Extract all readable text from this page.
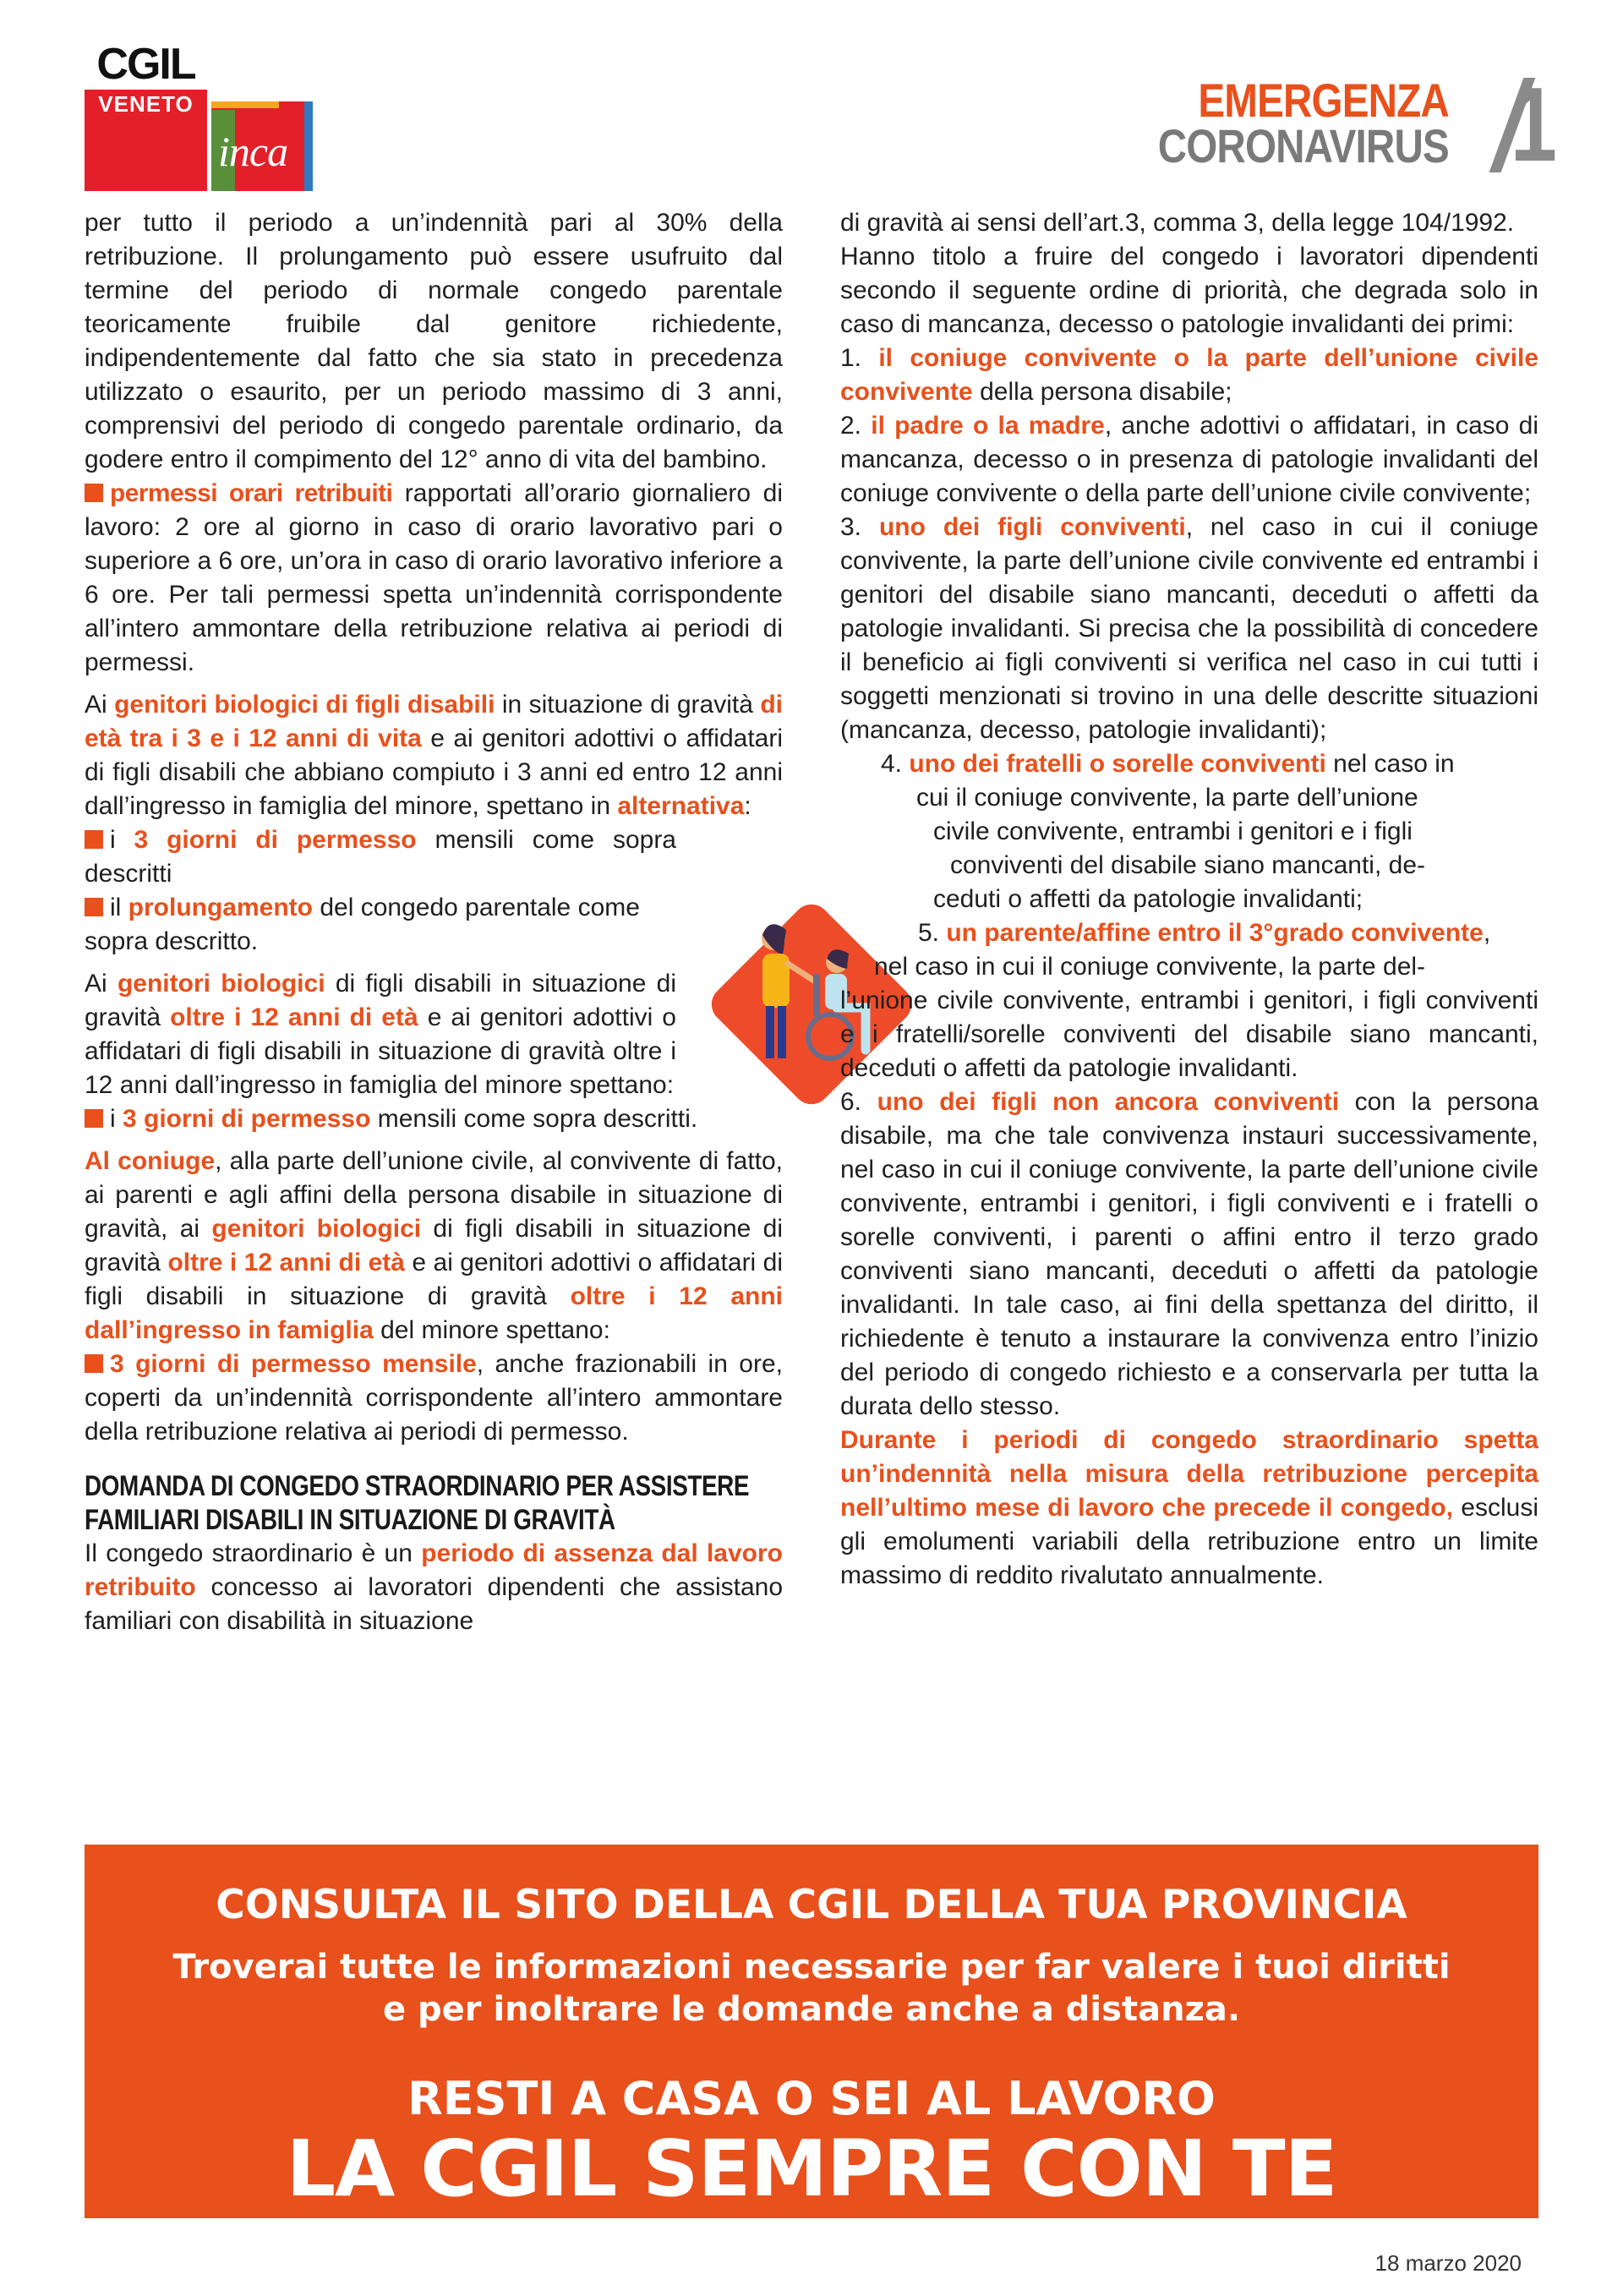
CGIL
VENETO
inca
EMERGENZA
CORONAVIRUS 1

per tutto il periodo a un’indennità pari al 30% della retribuzione. Il prolungamento può essere usufruito dal termine del periodo di normale congedo parentale teoricamente fruibile dal genitore richiedente, indipendentemente dal fatto che sia stato in precedenza utilizzato o esaurito, per un periodo massimo di 3 anni, comprensivi del periodo di congedo parentale ordinario, da godere entro il compimento del 12° anno di vita del bambino.

permessi orari retribuiti rapportati all’orario giornaliero di lavoro: 2 ore al giorno in caso di orario lavorativo pari o superiore a 6 ore, un’ora in caso di orario lavorativo inferiore a 6 ore. Per tali permessi spetta un’indennità corrispondente all’intero ammontare della retribuzione relativa ai periodi di permessi.

Ai genitori biologici di figli disabili in situazione di gravità di età tra i 3 e i 12 anni di vita e ai genitori adottivi o affidatari di figli disabili che abbiano compiuto i 3 anni ed entro 12 anni dall’ingresso in famiglia del minore, spettano in alternativa:

i 3 giorni di permesso mensili come sopra descritti

il prolungamento del congedo parentale come sopra descritto.

Ai genitori biologici di figli disabili in situazione di gravità oltre i 12 anni di età e ai genitori adottivi o affidatari di figli disabili in situazione di gravità oltre i 12 anni dall’ingresso in famiglia del minore spettano:

i 3 giorni di permesso mensili come sopra descritti.

Al coniuge, alla parte dell’unione civile, al convivente di fatto, ai parenti e agli affini della persona disabile in situazione di gravità, ai genitori biologici di figli disabili in situazione di gravità oltre i 12 anni di età e ai genitori adottivi o affidatari di figli disabili in situazione di gravità oltre i 12 anni dall’ingresso in famiglia del minore spettano:

3 giorni di permesso mensile, anche frazionabili in ore, coperti da un’indennità corrispondente all’intero ammontare della retribuzione relativa ai periodi di permesso.

DOMANDA DI CONGEDO STRAORDINARIO PER ASSISTERE FAMILIARI DISABILI IN SITUAZIONE DI GRAVITÀ

Il congedo straordinario è un periodo di assenza dal lavoro retribuito concesso ai lavoratori dipendenti che assistano familiari con disabilità in situazione

di gravità ai sensi dell’art.3, comma 3, della legge 104/1992.

Hanno titolo a fruire del congedo i lavoratori dipendenti secondo il seguente ordine di priorità, che degrada solo in caso di mancanza, decesso o patologie invalidanti dei primi:

1. il coniuge convivente o la parte dell’unione civile convivente della persona disabile;

2. il padre o la madre, anche adottivi o affidatari, in caso di mancanza, decesso o in presenza di patologie invalidanti del coniuge convivente o della parte dell’unione civile convivente;

3. uno dei figli conviventi, nel caso in cui il coniuge convivente, la parte dell’unione civile convivente ed entrambi i genitori del disabile siano mancanti, deceduti o affetti da patologie invalidanti. Si precisa che la possibilità di concedere il beneficio ai figli conviventi si verifica nel caso in cui tutti i soggetti menzionati si trovino in una delle descritte situazioni (mancanza, decesso, patologie invalidanti);

4. uno dei fratelli o sorelle conviventi nel caso in
cui il coniuge convivente, la parte dell’unione
civile convivente, entrambi i genitori e i figli
conviventi del disabile siano mancanti, de-
ceduti o affetti da patologie invalidanti;
5. un parente/affine entro il 3°grado convivente,
nel caso in cui il coniuge convivente, la parte del-

l’unione civile convivente, entrambi i genitori, i figli conviventi e i fratelli/sorelle conviventi del disabile siano mancanti, deceduti o affetti da patologie invalidanti.

6. uno dei figli non ancora conviventi con la persona disabile, ma che tale convivenza instauri successivamente, nel caso in cui il coniuge convivente, la parte dell’unione civile convivente, entrambi i genitori, i figli conviventi e i fratelli o sorelle conviventi, i parenti o affini entro il terzo grado conviventi siano mancanti, deceduti o affetti da patologie invalidanti. In tale caso, ai fini della spettanza del diritto, il richiedente è tenuto a instaurare la convivenza entro l’inizio del periodo di congedo richiesto e a conservarla per tutta la durata dello stesso.

Durante i periodi di congedo straordinario spetta un’indennità nella misura della retribuzione percepita nell’ultimo mese di lavoro che precede il congedo, esclusi gli emolumenti variabili della retribuzione entro un limite massimo di reddito rivalutato annualmente.

CONSULTA IL SITO DELLA CGIL DELLA TUA PROVINCIA
Troverai tutte le informazioni necessarie per far valere i tuoi diritti
e per inoltrare le domande anche a distanza.
RESTI A CASA O SEI AL LAVORO
LA CGIL SEMPRE CON TE
18 marzo 2020
